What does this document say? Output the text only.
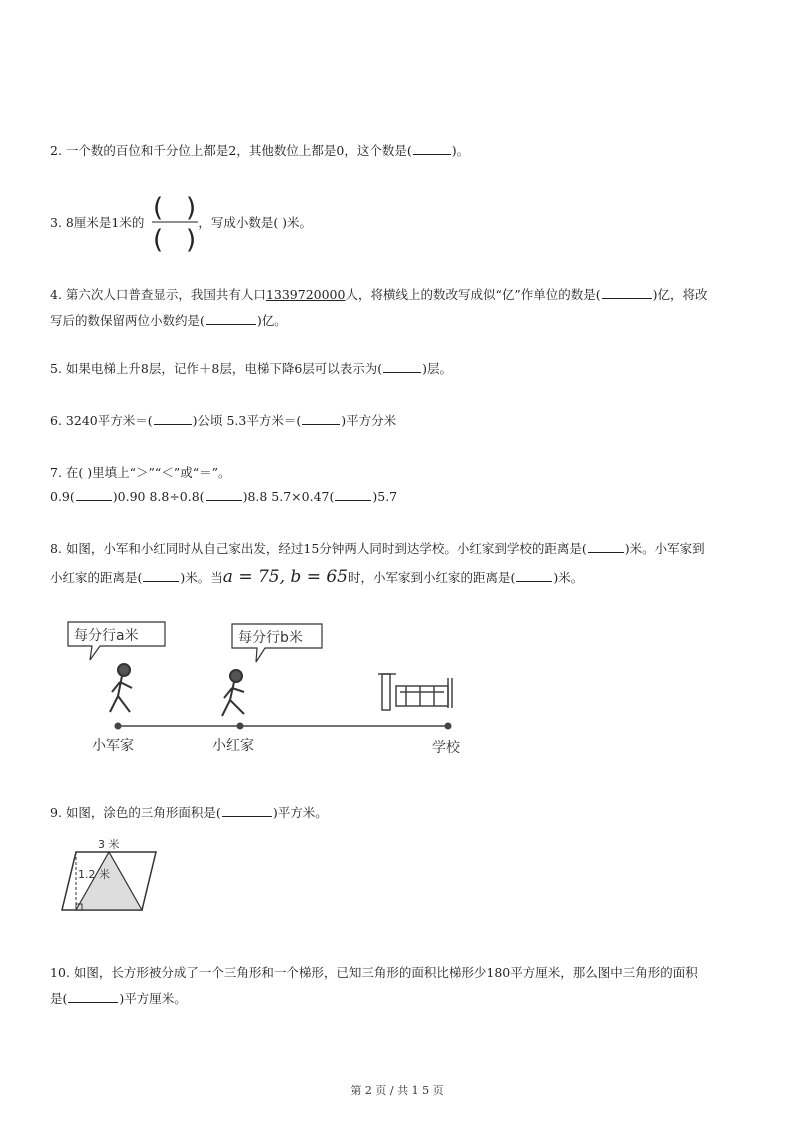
2. 一个数的百位和千分位上都是2，其他数位上都是0，这个数是(	)。
3. 8厘米是1米的	，写成小数是( )米。
( )
( )
4. 第六次人口普查显示，我国共有人口1339720000人，将横线上的数改写成似“亿”作单位的数是(	)亿，将改
写后的数保留两位小数约是(	)亿。
5. 如果电梯上升8层，记作＋8层，电梯下降6层可以表示为(	)层。
6. 3240平方米＝(	)公顷 5.3平方米＝(	)平方分米
7. 在( )里填上“＞”“＜”或“＝”。
0.9(	)0.90 8.8÷0.8(	)8.8 5.7×0.47(	)5.7
8. 如图，小军和小红同时从自己家出发，经过15分钟两人同时到达学校。小红家到学校的距离是(	)米。小军家到
小红家的距离是(	)米。当a = 75, b = 65时，小军家到小红家的距离是(	)米。
每分行a米	每分行b米
小军家	小红家	学校
9. 如图，涂色的三角形面积是(	)平方米。
3 米
1.2 米
10. 如图，长方形被分成了一个三角形和一个梯形，已知三角形的面积比梯形少180平方厘米，那么图中三角形的面积
是(	)平方厘米。
第 2 页 / 共 1 5 页
